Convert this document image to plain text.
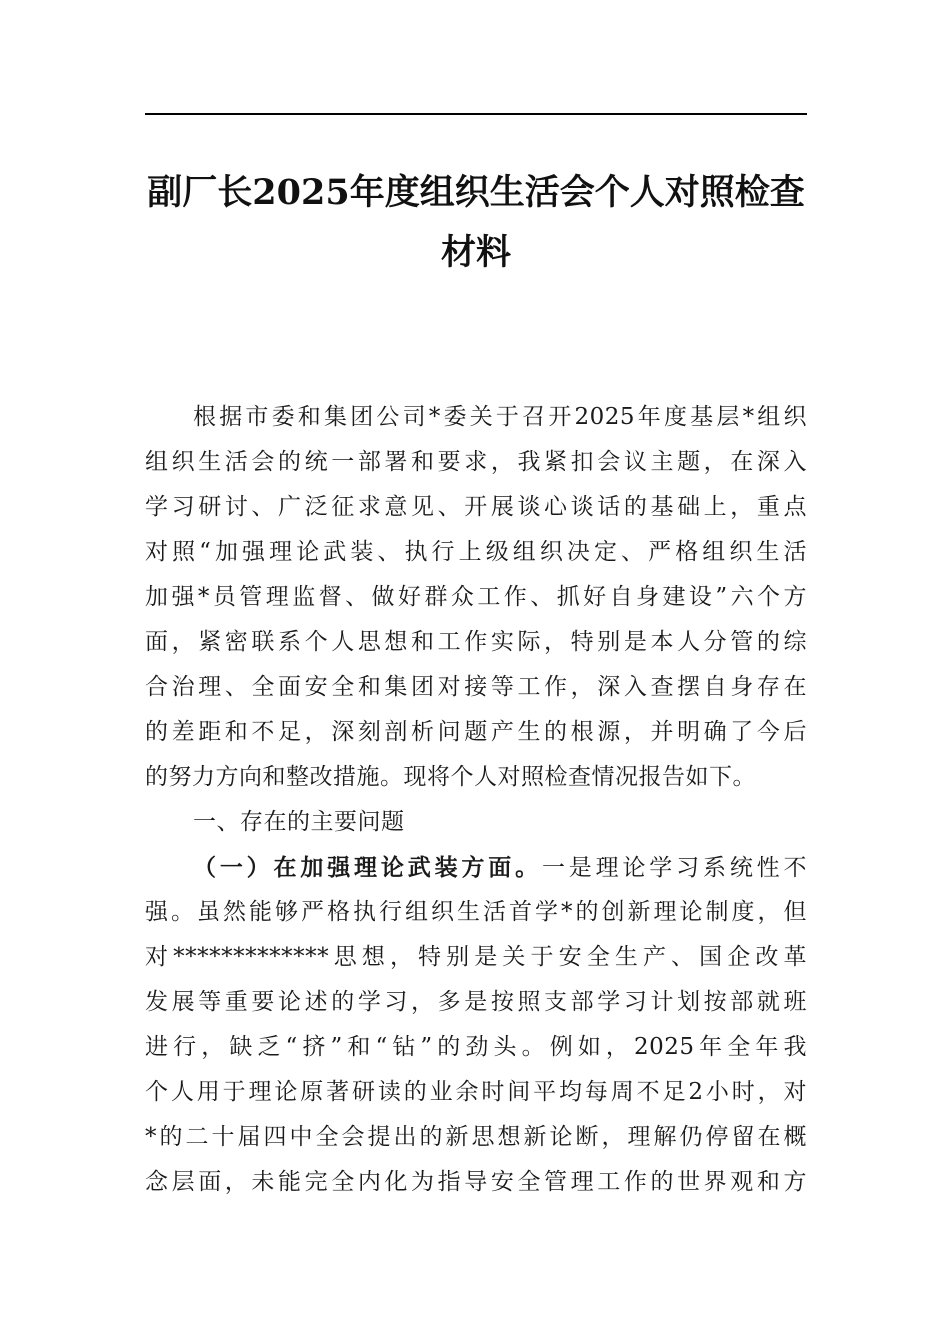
副厂长2025年度组织生活会个人对照检查
材料
根据市委和集团公司*委关于召开2025年度基层*组织
组织生活会的统一部署和要求，我紧扣会议主题，在深入
学习研讨、广泛征求意见、开展谈心谈话的基础上，重点
对照“加强理论武装、执行上级组织决定、严格组织生活
加强*员管理监督、做好群众工作、抓好自身建设”六个方
面，紧密联系个人思想和工作实际，特别是本人分管的综
合治理、全面安全和集团对接等工作，深入查摆自身存在
的差距和不足，深刻剖析问题产生的根源，并明确了今后
的努力方向和整改措施。现将个人对照检查情况报告如下。
一、存在的主要问题
（一）在加强理论武装方面。一是理论学习系统性不
强。虽然能够严格执行组织生活首学*的创新理论制度，但
对*************思想，特别是关于安全生产、国企改革
发展等重要论述的学习，多是按照支部学习计划按部就班
进行，缺乏“挤”和“钻”的劲头。例如，2025年全年我
个人用于理论原著研读的业余时间平均每周不足2小时，对
*的二十届四中全会提出的新思想新论断，理解仍停留在概
念层面，未能完全内化为指导安全管理工作的世界观和方
